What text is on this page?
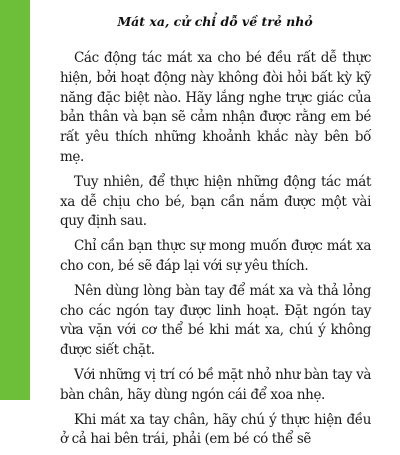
Mát xa, cử chỉ dỗ về trẻ nhỏ

Các động tác mát xa cho bé đều rất dễ thực hiện, bởi hoạt động này không đòi hỏi bất kỳ kỹ năng đặc biệt nào. Hãy lắng nghe trực giác của bản thân và bạn sẽ cảm nhận được rằng em bé rất yêu thích những khoảnh khắc này bên bố mẹ.

Tuy nhiên, để thực hiện những động tác mát xa dễ chịu cho bé, bạn cần nắm được một vài quy định sau.

Chỉ cần bạn thực sự mong muốn được mát xa cho con, bé sẽ đáp lại với sự yêu thích.

Nên dùng lòng bàn tay để mát xa và thả lỏng cho các ngón tay được linh hoạt. Đặt ngón tay vừa vặn với cơ thể bé khi mát xa, chú ý không được siết chặt.

Với những vị trí có bề mặt nhỏ như bàn tay và bàn chân, hãy dùng ngón cái để xoa nhẹ.

Khi mát xa tay chân, hãy chú ý thực hiện đều ở cả hai bên trái, phải (em bé có thể sẽ
